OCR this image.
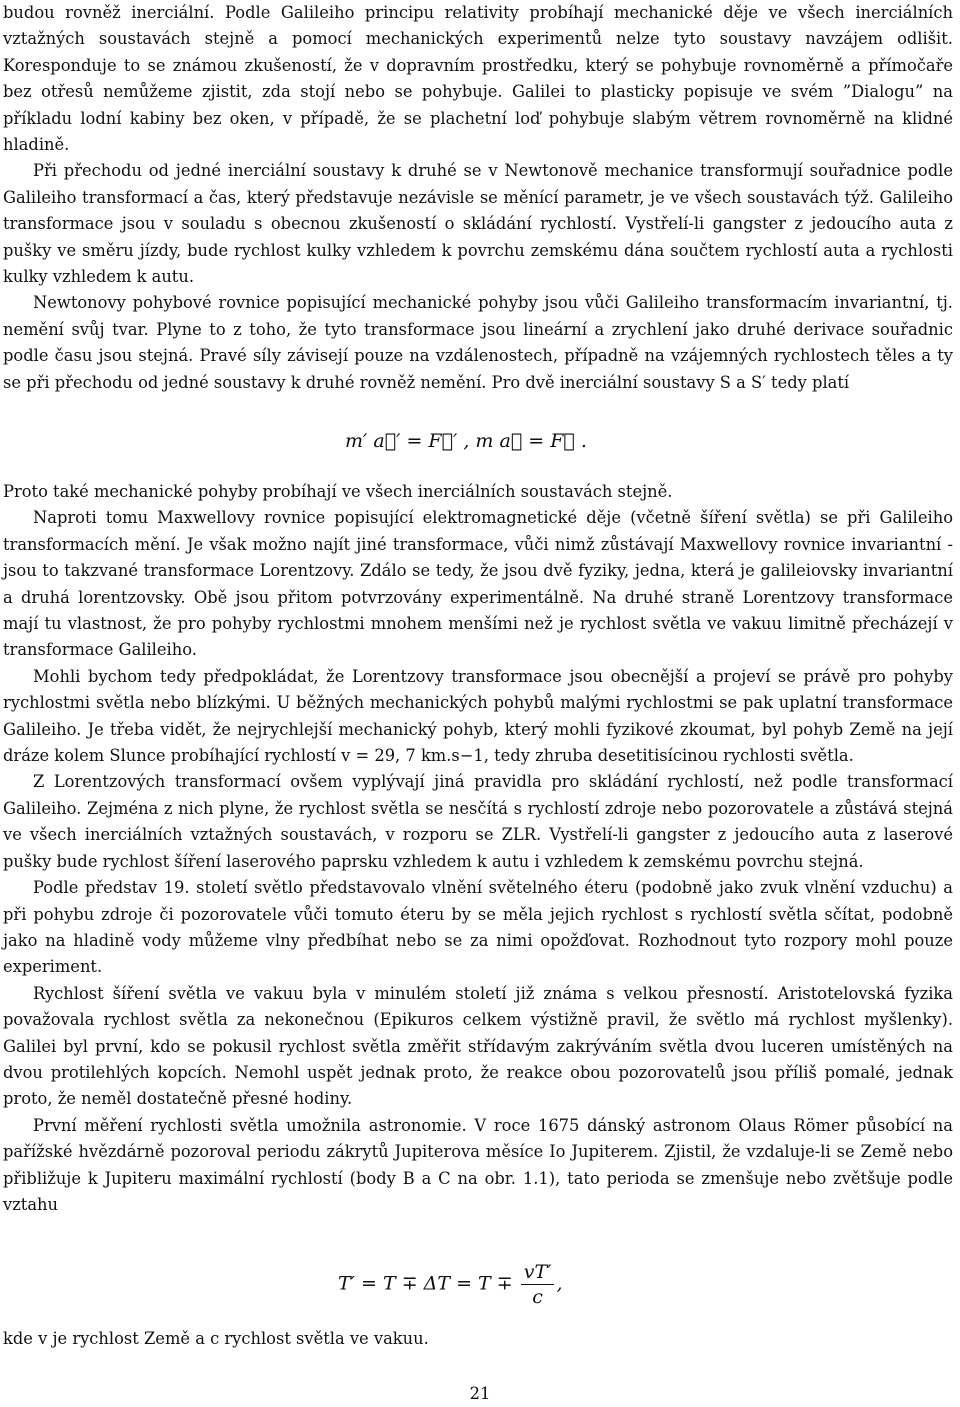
budou rovněž inerciální. Podle Galileiho principu relativity probíhají mechanické děje ve všech inerciálních vztažných soustavách stejně a pomocí mechanických experimentů nelze tyto soustavy navzájem odlišit. Koresponduje to se známou zkušeností, že v dopravním prostředku, který se pohybuje rovnoměrně a přímočaře bez otřesů nemůžeme zjistit, zda stojí nebo se pohybuje. Galilei to plasticky popisuje ve svém ”Dialogu” na příkladu lodní kabiny bez oken, v případě, že se plachetní loď pohybuje slabým větrem rovnoměrně na klidné hladině.

Při přechodu od jedné inerciální soustavy k druhé se v Newtonově mechanice transformují souřadnice podle Galileiho transformací a čas, který představuje nezávisle se měnící parametr, je ve všech soustavách týž. Galileiho transformace jsou v souladu s obecnou zkušeností o skládání rychlostí. Vystřelí-li gangster z jedoucího auta z pušky ve směru jízdy, bude rychlost kulky vzhledem k povrchu zemskému dána součtem rychlostí auta a rychlosti kulky vzhledem k autu.

Newtonovy pohybové rovnice popisující mechanické pohyby jsou vůči Galileiho transformacím invariantní, tj. nemění svůj tvar. Plyne to z toho, že tyto transformace jsou lineární a zrychlení jako druhé derivace souřadnic podle času jsou stejná. Pravé síly závisejí pouze na vzdálenostech, případně na vzájemných rychlostech těles a ty se při přechodu od jedné soustavy k druhé rovněž nemění. Pro dvě inerciální soustavy S a S′ tedy platí

m′ a⃗′ = F⃗′ , m a⃗ = F⃗ .

Proto také mechanické pohyby probíhají ve všech inerciálních soustavách stejně.

Naproti tomu Maxwellovy rovnice popisující elektromagnetické děje (včetně šíření světla) se při Galileiho transformacích mění. Je však možno najít jiné transformace, vůči nimž zůstávají Maxwellovy rovnice invariantní - jsou to takzvané transformace Lorentzovy. Zdálo se tedy, že jsou dvě fyziky, jedna, která je galileiovsky invariantní a druhá lorentzovsky. Obě jsou přitom potvrzovány experimentálně. Na druhé straně Lorentzovy transformace mají tu vlastnost, že pro pohyby rychlostmi mnohem menšími než je rychlost světla ve vakuu limitně přecházejí v transformace Galileiho.

Mohli bychom tedy předpokládat, že Lorentzovy transformace jsou obecnější a projeví se právě pro pohyby rychlostmi světla nebo blízkými. U běžných mechanických pohybů malými rychlostmi se pak uplatní transformace Galileiho. Je třeba vidět, že nejrychlejší mechanický pohyb, který mohli fyzikové zkoumat, byl pohyb Země na její dráze kolem Slunce probíhající rychlostí v = 29, 7 km.s−1, tedy zhruba desetitisícinou rychlosti světla.

Z Lorentzových transformací ovšem vyplývají jiná pravidla pro skládání rychlostí, než podle transformací Galileiho. Zejména z nich plyne, že rychlost světla se nesčítá s rychlostí zdroje nebo pozorovatele a zůstává stejná ve všech inerciálních vztažných soustavách, v rozporu se ZLR. Vystřelí-li gangster z jedoucího auta z laserové pušky bude rychlost šíření laserového paprsku vzhledem k autu i vzhledem k zemskému povrchu stejná.

Podle představ 19. století světlo představovalo vlnění světelného éteru (podobně jako zvuk vlnění vzduchu) a při pohybu zdroje či pozorovatele vůči tomuto éteru by se měla jejich rychlost s rychlostí světla sčítat, podobně jako na hladině vody můžeme vlny předbíhat nebo se za nimi opožďovat. Rozhodnout tyto rozpory mohl pouze experiment.

Rychlost šíření světla ve vakuu byla v minulém století již známa s velkou přesností. Aristotelovská fyzika považovala rychlost světla za nekonečnou (Epikuros celkem výstižně pravil, že světlo má rychlost myšlenky). Galilei byl první, kdo se pokusil rychlost světla změřit střídavým zakrýváním světla dvou luceren umístěných na dvou protilehlých kopcích. Nemohl uspět jednak proto, že reakce obou pozorovatelů jsou příliš pomalé, jednak proto, že neměl dostatečně přesné hodiny.

První měření rychlosti světla umožnila astronomie. V roce 1675 dánský astronom Olaus Römer působící na pařížské hvězdárně pozoroval periodu zákrytů Jupiterova měsíce Io Jupiterem. Zjistil, že vzdaluje-li se Země nebo přibližuje k Jupiteru maximální rychlostí (body B a C na obr. 1.1), tato perioda se zmenšuje nebo zvětšuje podle vztahu

$T' = T \mp \Delta T = T \mp \frac{vT'}{c}$ ,

kde v je rychlost Země a c rychlost světla ve vakuu.

21
